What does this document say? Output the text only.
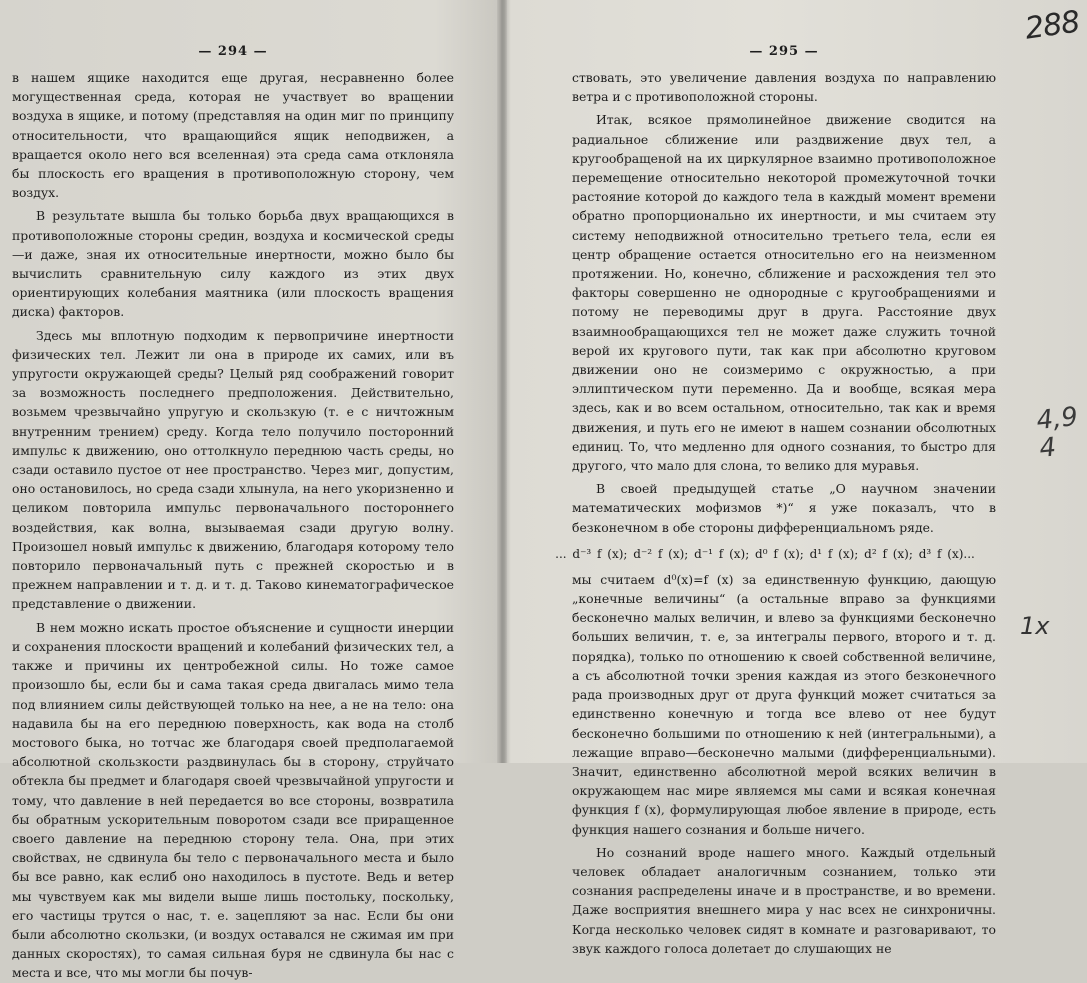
— 294 —

в нашем ящике находится еще другая, несравненно более могущественная среда, которая не участвует во вращении воздуха в ящике, и потому (представляя на один миг по принципу относительности, что вращающийся ящик неподвижен, а вращается около него вся вселенная) эта среда сама отклоняла бы плоскость его вращения в противоположную сторону, чем воздух.

В результате вышла бы только борьба двух вращающихся в противоположные стороны средин, воздуха и космической среды—и даже, зная их относительные инертности, можно было бы вычислить сравнительную силу каждого из этих двух ориентирующих колебания маятника (или плоскость вращения диска) факторов.

Здесь мы вплотную подходим к первопричине инертности физических тел. Лежит ли она в природе их самих, или въ упругости окружающей среды? Целый ряд соображений говорит за возможность последнего предположения. Действительно, возьмем чрезвычайно упругую и скользкую (т. е с ничтожным внутренним трением) среду. Когда тело получило посторонний импульс к движению, оно оттолкнуло переднюю часть среды, но сзади оставило пустое от нее пространство. Через миг, допустим, оно остановилось, но среда сзади хлынула, на него укоризненно и целиком повторила импульс первоначального постороннего воздействия, как волна, вызываемая сзади другую волну. Произошел новый импульс к движению, благодаря которому тело повторило первоначальный путь с прежней скоростью и в прежнем направлении и т. д. и т. д. Таково кинематографическое представление о движении.

В нем можно искать простое объяснение и сущности инерции и сохранения плоскости вращений и колебаний физических тел, а также и причины их центробежной силы. Но тоже самое произошло бы, если бы и сама такая среда двигалась мимо тела под влиянием силы действующей только на нее, а не на тело: она надавила бы на его переднюю поверхность, как вода на столб мостового быка, но тотчас же благодаря своей предполагаемой абсолютной скользкости раздвинулась бы в сторону, струйчато обтекла бы предмет и благодаря своей чрезвычайной упругости и тому, что давление в ней передается во все стороны, возвратила бы обратным ускорительным поворотом сзади все приращенное своего давление на переднюю сторону тела. Она, при этих свойствах, не сдвинула бы тело с первоначального места и было бы все равно, как еслиб оно находилось в пустоте. Ведь и ветер мы чувствуем как мы видели выше лишь постольку, поскольку, его частицы трутся о нас, т. е. зацепляют за нас. Если бы они были абсолютно скользки, (и воздух оставался не сжимая им при данных скоростях), то самая сильная буря не сдвинула бы нас с места и все, что мы могли бы почув-

— 295 —

ствовать, это увеличение давления воздуха по направлению ветра и с противоположной стороны.

Итак, всякое прямолинейное движение сводится на радиальное сближение или раздвижение двух тел, а кругообращеной на их циркулярное взаимно противоположное перемещение относительно некоторой промежуточной точки растояние которой до каждого тела в каждый момент времени обратно пропорционально их инертности, и мы считаем эту систему неподвижной относительно третьего тела, если ея центр обращение остается относительно его на неизменном протяжении. Но, конечно, сближение и расхождения тел это факторы совершенно не однородные с кругообращениями и потому не переводимы друг в друга. Расстояние двух взаимнообращающихся тел не может даже служить точной верой их кругового пути, так как при абсолютно круговом движении оно не соизмеримо с окружностью, а при эллиптическом пути переменно. Да и вообще, всякая мера здесь, как и во всем остальном, относительно, так как и время движения, и путь его не имеют в нашем сознании обсолютных единиц. То, что медленно для одного сознания, то быстро для другого, что мало для слона, то велико для муравья.

В своей предыдущей статье „О научном значении математических мофизмов *)“ я уже показалъ, что в безконечном в обе стороны дифференциальномъ ряде.

... d⁻³ f (x); d⁻² f (x); d⁻¹ f (x); d⁰ f (x); d¹ f (x); d² f (x); d³ f (x)...

мы считаем d⁰(x)=f (x) за единственную функцию, дающую „конечные величины“ (а остальные вправо за функциями бесконечно малых величин, и влево за функциями бесконечно больших величин, т. е, за интегралы первого, второго и т. д. порядка), только по отношению к своей собственной величине, а съ абсолютной точки зрения каждая из этого безконечного рада производных друг от друга функций может считаться за единственно конечную и тогда все влево от нее будут бесконечно большими по отношению к ней (интегральными), а лежащие вправо—бесконечно малыми (дифференциальными). Значит, единственно абсолютной мерой всяких величин в окружающем нас мире являемся мы сами и всякая конечная функция f (x), формулирующая любое явление в природе, есть функция нашего сознания и больше ничего.

Но сознаний вроде нашего много. Каждый отдельный человек обладает аналогичным сознанием, только эти сознания распределены иначе и в пространстве, и во времени. Даже восприятия внешнего мира у нас всех не синхроничны. Когда несколько человек сидят в комнате и разговаривают, то звук каждого голоса долетает до слушающих не

288
4,9
4
1x
